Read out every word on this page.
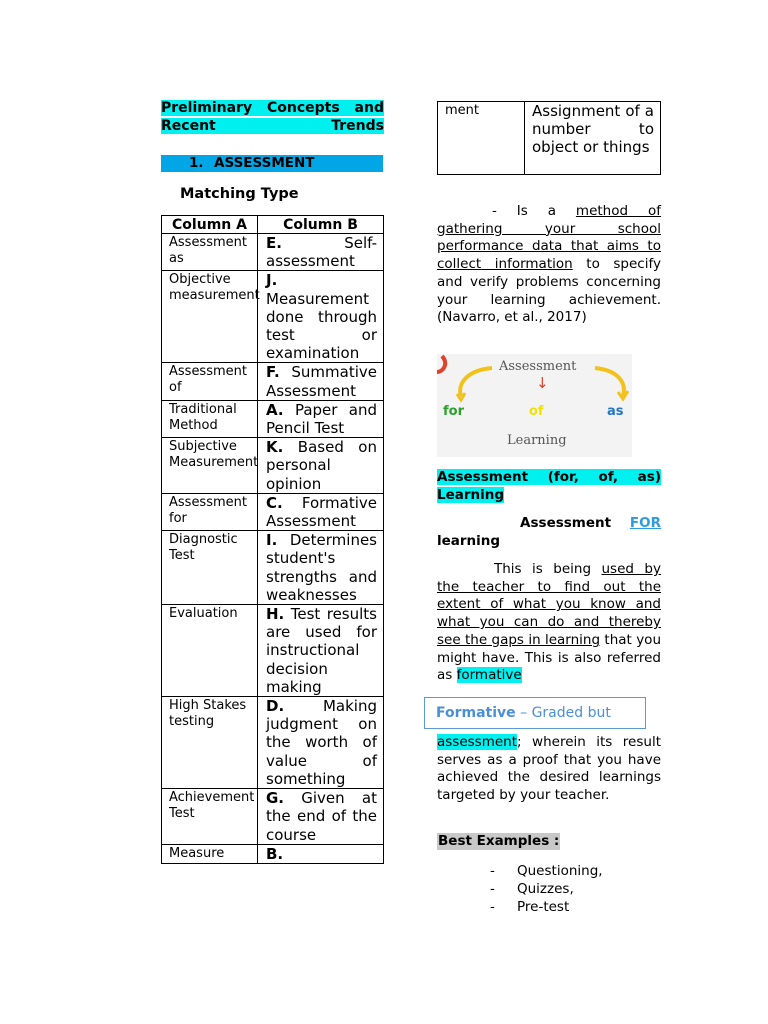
Preliminary Concepts and
Recent Trends
1. ASSESSMENT
Matching Type
Column A	Column B
Assessment as	E. Self-assessment
Objective measurement	J. Measurement done through test or examination
Assessment of	F. Summative Assessment
Traditional Method	A. Paper and Pencil Test
Subjective Measurement	K. Based on personal opinion
Assessment for	C. Formative Assessment
Diagnostic Test	I. Determines student's strengths and weaknesses
Evaluation	H. Test results are used for instructional decision making
High Stakes testing	D. Making judgment on the worth of value of something
Achievement Test	G. Given at the end of the course
Measure	B.
ment	Assignment of a number to object or things
- Is a method of gathering your school performance data that aims to collect information to specify and verify problems concerning your learning achievement. (Navarro, et al., 2017)
Assessment
↓
for	of	as
Learning
Assessment (for, of, as) Learning
Assessment FOR
learning
This is being used by the teacher to find out the extent of what you know and what you can do and thereby see the gaps in learning that you might have. This is also referred as formative
Formative – Graded but
assessment; wherein its result serves as a proof that you have achieved the desired learnings targeted by your teacher.
Best Examples :
- Questioning,
- Quizzes,
- Pre-test
